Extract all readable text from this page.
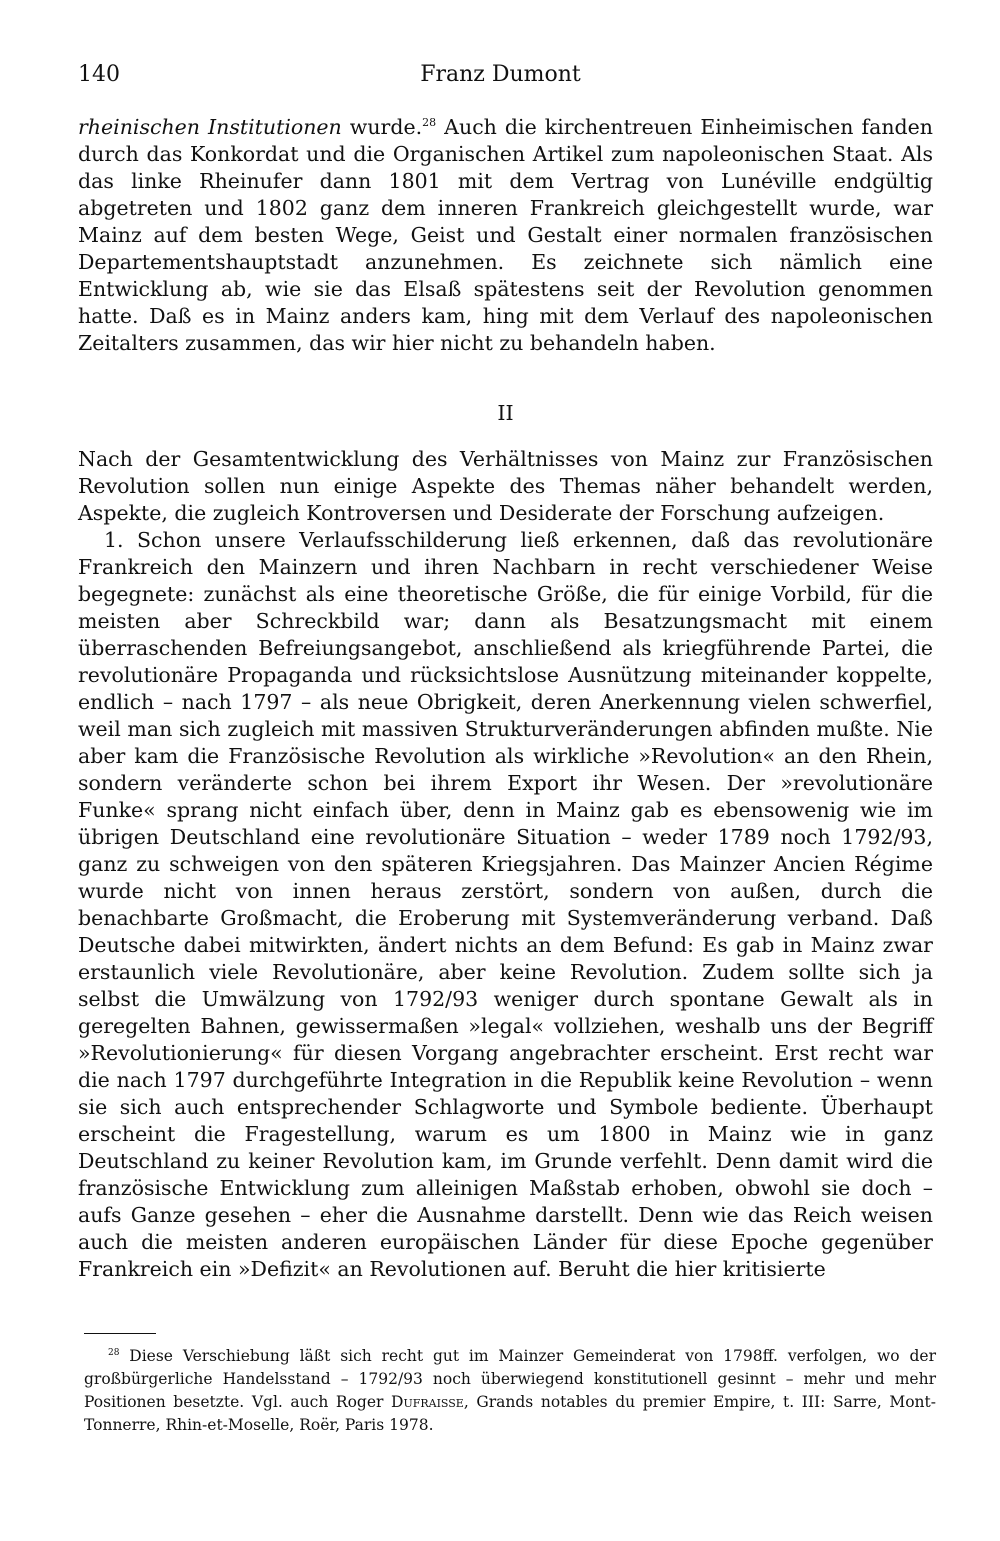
140	Franz Dumont

rheinischen Institutionen wurde.$^{28}$ Auch die kirchentreuen Einheimischen fanden durch das Konkordat und die Organischen Artikel zum napoleonischen Staat. Als das linke Rheinufer dann 1801 mit dem Vertrag von Lunéville endgültig abgetreten und 1802 ganz dem inneren Frankreich gleichgestellt wurde, war Mainz auf dem besten Wege, Geist und Gestalt einer normalen französischen Departementshauptstadt anzunehmen. Es zeichnete sich nämlich eine Entwicklung ab, wie sie das Elsaß spätestens seit der Revolution genommen hatte. Daß es in Mainz anders kam, hing mit dem Verlauf des napoleonischen Zeitalters zusammen, das wir hier nicht zu behandeln haben.

II

Nach der Gesamtentwicklung des Verhältnisses von Mainz zur Französischen Revolution sollen nun einige Aspekte des Themas näher behandelt werden, Aspekte, die zugleich Kontroversen und Desiderate der Forschung aufzeigen.

1. Schon unsere Verlaufsschilderung ließ erkennen, daß das revolutionäre Frankreich den Mainzern und ihren Nachbarn in recht verschiedener Weise begegnete: zunächst als eine theoretische Größe, die für einige Vorbild, für die meisten aber Schreckbild war; dann als Besatzungsmacht mit einem überraschenden Befreiungsangebot, anschließend als kriegführende Partei, die revolutionäre Propaganda und rücksichtslose Ausnützung miteinander koppelte, endlich – nach 1797 – als neue Obrigkeit, deren Anerkennung vielen schwerfiel, weil man sich zugleich mit massiven Strukturveränderungen abfinden mußte. Nie aber kam die Französische Revolution als wirkliche »Revolution« an den Rhein, sondern veränderte schon bei ihrem Export ihr Wesen. Der »revolutionäre Funke« sprang nicht einfach über, denn in Mainz gab es ebensowenig wie im übrigen Deutschland eine revolutionäre Situation – weder 1789 noch 1792/93, ganz zu schweigen von den späteren Kriegsjahren. Das Mainzer Ancien Régime wurde nicht von innen heraus zerstört, sondern von außen, durch die benachbarte Großmacht, die Eroberung mit Systemveränderung verband. Daß Deutsche dabei mitwirkten, ändert nichts an dem Befund: Es gab in Mainz zwar erstaunlich viele Revolutionäre, aber keine Revolution. Zudem sollte sich ja selbst die Umwälzung von 1792/93 weniger durch spontane Gewalt als in geregelten Bahnen, gewissermaßen »legal« vollziehen, weshalb uns der Begriff »Revolutionierung« für diesen Vorgang angebrachter erscheint. Erst recht war die nach 1797 durchgeführte Integration in die Republik keine Revolution – wenn sie sich auch entsprechender Schlagworte und Symbole bediente. Überhaupt erscheint die Fragestellung, warum es um 1800 in Mainz wie in ganz Deutschland zu keiner Revolution kam, im Grunde verfehlt. Denn damit wird die französische Entwicklung zum alleinigen Maßstab erhoben, obwohl sie doch – aufs Ganze gesehen – eher die Ausnahme darstellt. Denn wie das Reich weisen auch die meisten anderen europäischen Länder für diese Epoche gegenüber Frankreich ein »Defizit« an Revolutionen auf. Beruht die hier kritisierte

$^{28}$ Diese Verschiebung läßt sich recht gut im Mainzer Gemeinderat von 1798ff. verfolgen, wo der großbürgerliche Handelsstand – 1792/93 noch überwiegend konstitutionell gesinnt – mehr und mehr Positionen besetzte. Vgl. auch Roger Dufraisse, Grands notables du premier Empire, t. III: Sarre, Mont-Tonnerre, Rhin-et-Moselle, Roër, Paris 1978.
